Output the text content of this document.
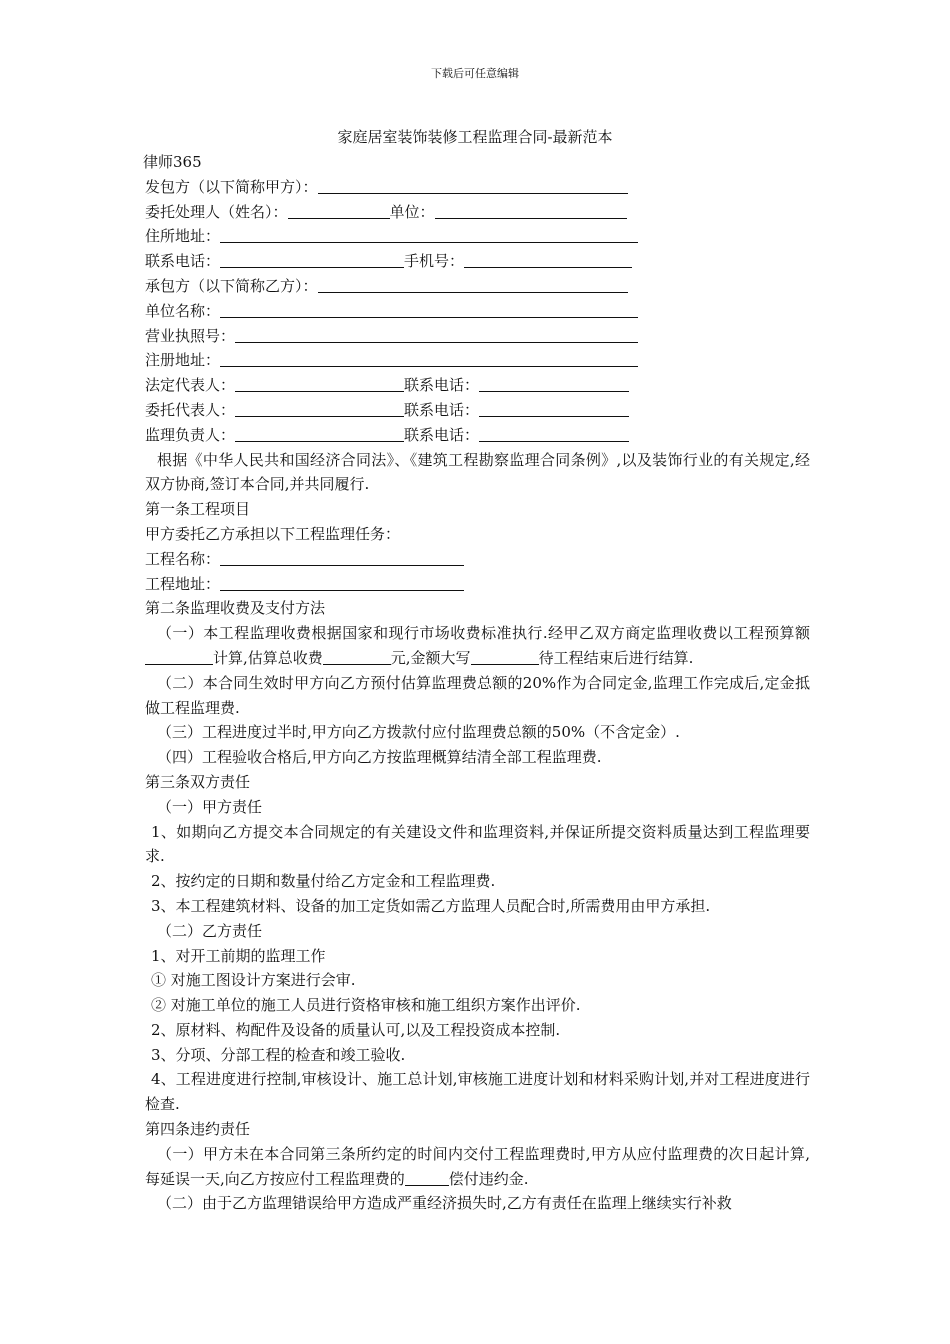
下载后可任意编辑
家庭居室装饰装修工程监理合同-最新范本
律师365
发包方（以下简称甲方）：
委托处理人（姓名）：	单位：
住所地址：
联系电话：	手机号：
承包方（以下简称乙方）：
单位名称：
营业执照号：
注册地址：
法定代表人：	联系电话：
委托代表人：	联系电话：
监理负责人：	联系电话：
根据《中华人民共和国经济合同法》、《建筑工程勘察监理合同条例》,以及装饰行业的有关规定,经双方协商,签订本合同,并共同履行.
第一条工程项目
甲方委托乙方承担以下工程监理任务：
工程名称：
工程地址：
第二条监理收费及支付方法
（一）本工程监理收费根据国家和现行市场收费标准执行.经甲乙双方商定监理收费以工程预算额计算,估算总收费	元,金额大写	待工程结束后进行结算.
（二）本合同生效时甲方向乙方预付估算监理费总额的20%作为合同定金,监理工作完成后,定金抵做工程监理费.
（三）工程进度过半时,甲方向乙方拨款付应付监理费总额的50%（不含定金）.
（四）工程验收合格后,甲方向乙方按监理概算结清全部工程监理费.
第三条双方责任
（一）甲方责任
1、如期向乙方提交本合同规定的有关建设文件和监理资料,并保证所提交资料质量达到工程监理要求.
2、按约定的日期和数量付给乙方定金和工程监理费.
3、本工程建筑材料、设备的加工定货如需乙方监理人员配合时,所需费用由甲方承担.
（二）乙方责任
1、对开工前期的监理工作
① 对施工图设计方案进行会审.
② 对施工单位的施工人员进行资格审核和施工组织方案作出评价.
2、原材料、构配件及设备的质量认可,以及工程投资成本控制.
3、分项、分部工程的检查和竣工验收.
4、工程进度进行控制,审核设计、施工总计划,审核施工进度计划和材料采购计划,并对工程进度进行检查.
第四条违约责任
（一）甲方未在本合同第三条所约定的时间内交付工程监理费时,甲方从应付监理费的次日起计算,每延误一天,向乙方按应付工程监理费的	偿付违约金.
（二）由于乙方监理错误给甲方造成严重经济损失时,乙方有责任在监理上继续实行补救
